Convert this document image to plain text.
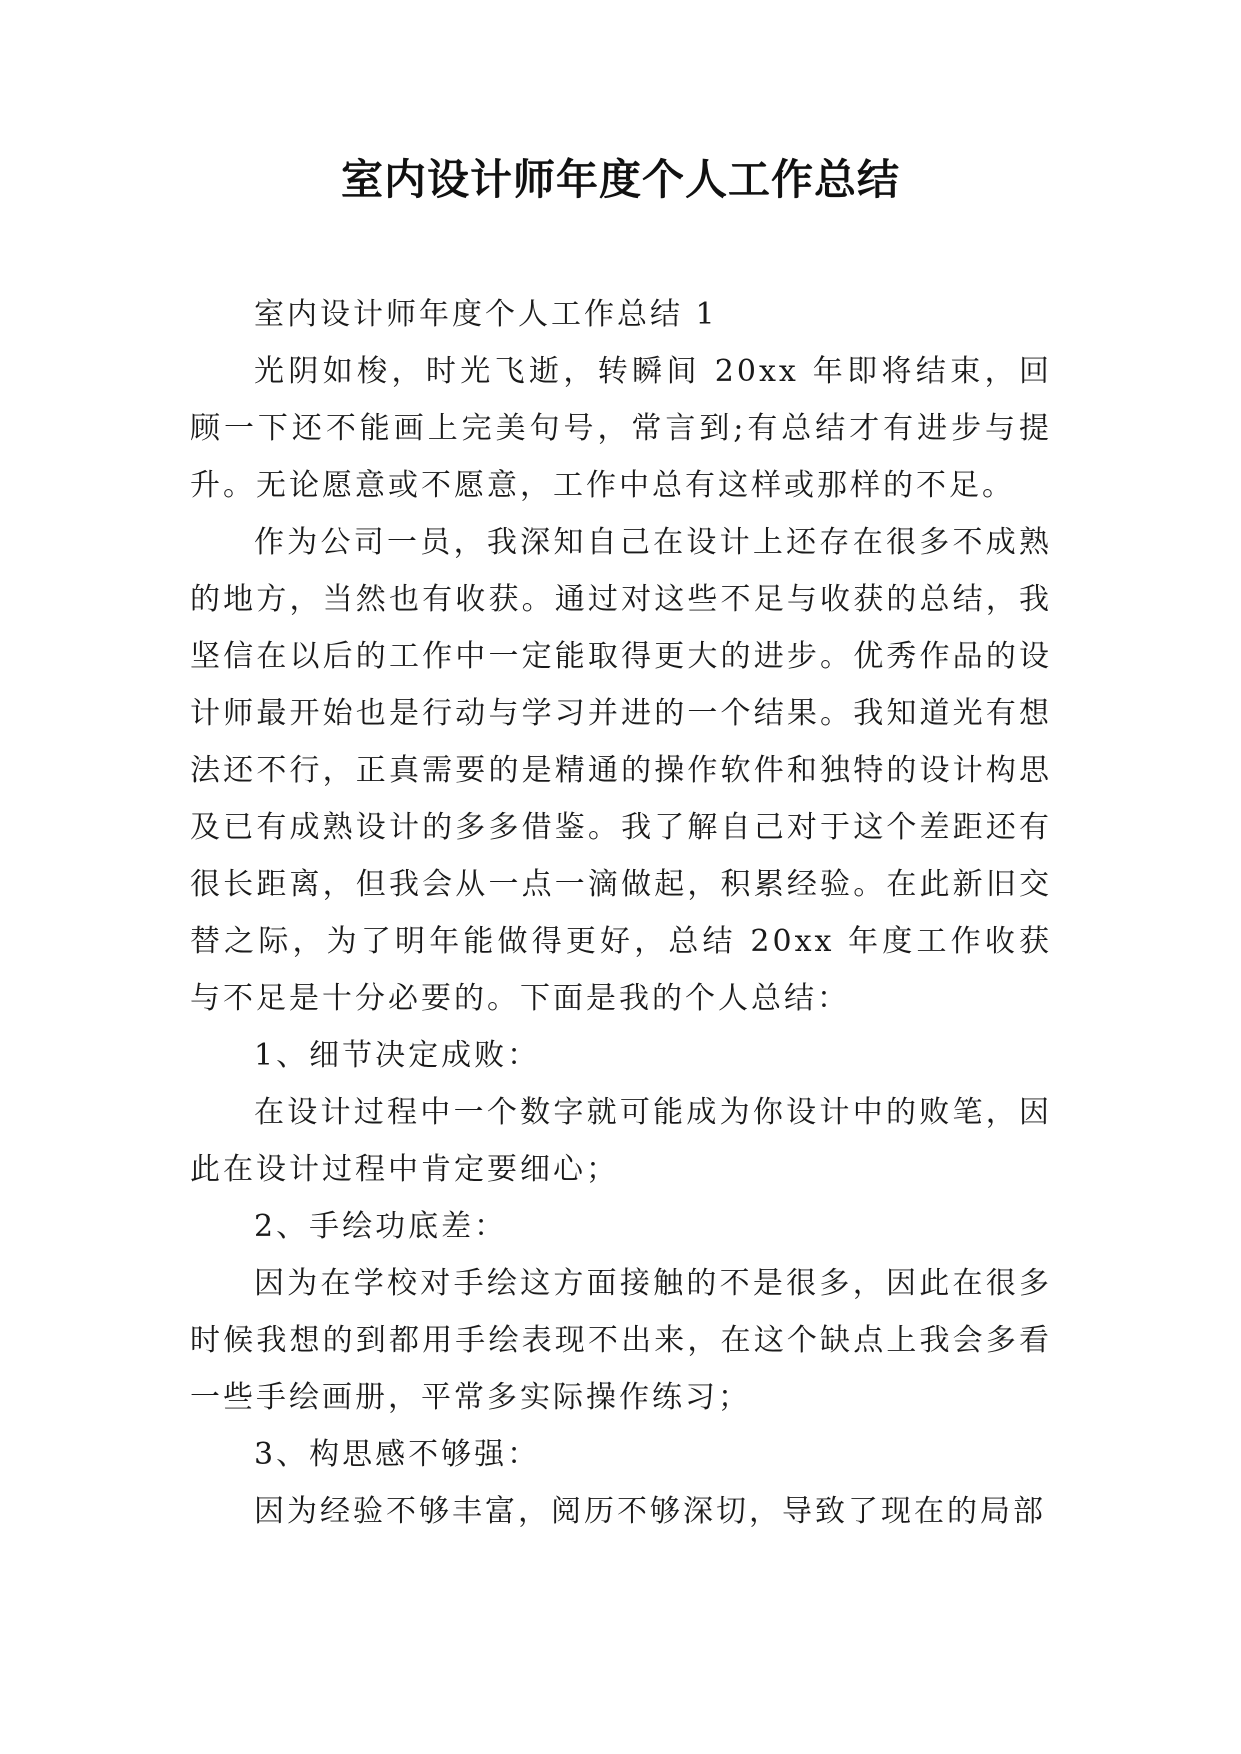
室内设计师年度个人工作总结

室内设计师年度个人工作总结 1

光阴如梭，时光飞逝，转瞬间 20xx 年即将结束，回顾一下还不能画上完美句号，常言到;有总结才有进步与提升。无论愿意或不愿意，工作中总有这样或那样的不足。

作为公司一员，我深知自己在设计上还存在很多不成熟的地方，当然也有收获。通过对这些不足与收获的总结，我坚信在以后的工作中一定能取得更大的进步。优秀作品的设计师最开始也是行动与学习并进的一个结果。我知道光有想法还不行，正真需要的是精通的操作软件和独特的设计构思及已有成熟设计的多多借鉴。我了解自己对于这个差距还有很长距离，但我会从一点一滴做起，积累经验。在此新旧交替之际，为了明年能做得更好，总结 20xx 年度工作收获与不足是十分必要的。下面是我的个人总结：

1、细节决定成败：

在设计过程中一个数字就可能成为你设计中的败笔，因此在设计过程中肯定要细心；

2、手绘功底差：

因为在学校对手绘这方面接触的不是很多，因此在很多时候我想的到都用手绘表现不出来，在这个缺点上我会多看一些手绘画册，平常多实际操作练习；

3、构思感不够强：

因为经验不够丰富，阅历不够深切，导致了现在的局部
